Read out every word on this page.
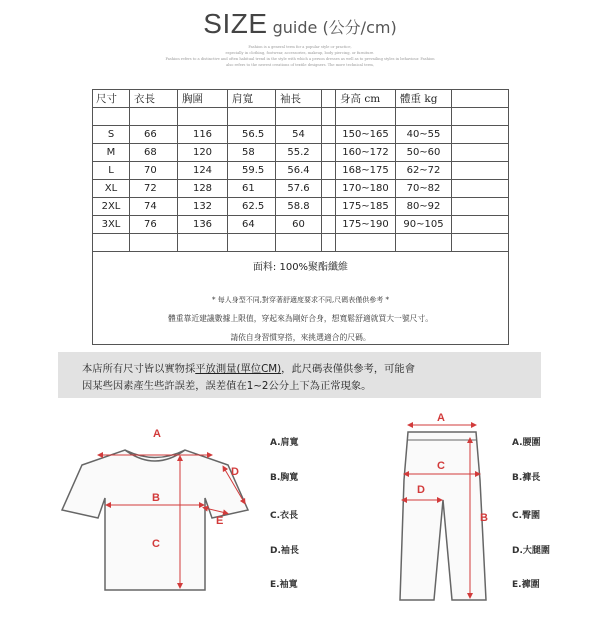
SIZE guide (公分/cm)
Fashion is a general term for a popular style or practice,
especially in clothing, footwear, accessories, makeup, body piercing, or furniture.
Fashion refers to a distinctive and often habitual trend in the style with which a person dresses as well as to prevailing styles in behaviour. Fashion
also refers to the newest creations of textile designers. The more technical term,
尺寸	衣長	胸圍	肩寬	袖長		身高 cm	體重 kg	

S	66	116	56.5	54		150~165	40~55	
M	68	120	58	55.2		160~172	50~60	
L	70	124	59.5	56.4		168~175	62~72	
XL	72	128	61	57.6		170~180	70~82	
2XL	74	132	62.5	58.8		175~185	80~92	
3XL	76	136	64	60		175~190	90~105	

面料: 100%聚酯纖維
* 每人身型不同,對穿著舒適度要求不同,尺碼表僅供參考 *
體重靠近建議數據上限值，穿起來為剛好合身，想寬鬆舒適就買大一號尺寸。
請依自身習慣穿搭，來挑選適合的尺碼。
本店所有尺寸皆以實物採平放測量(單位CM)，此尺碼表僅供參考，可能會
因某些因素產生些許誤差，誤差值在1~2公分上下為正常現象。
A
B
C
D
E
A.肩寬
B.胸寬
C.衣長
D.袖長
E.袖寬
A
B
C
D
A.腰圍
B.褲長
C.臀圍
D.大腿圍
E.褲圍
